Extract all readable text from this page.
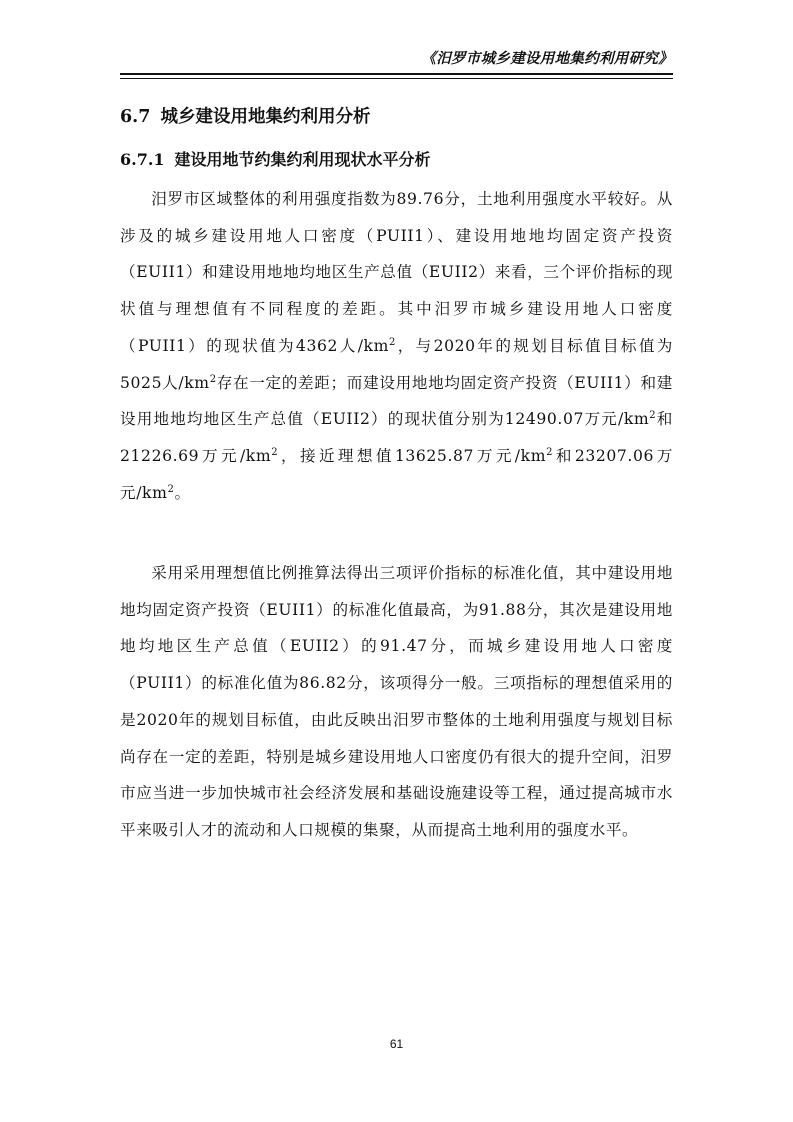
《汨罗市城乡建设用地集约利用研究》
6.7 城乡建设用地集约利用分析
6.7.1 建设用地节约集约利用现状水平分析

汨罗市区域整体的利用强度指数为89.76分，土地利用强度水平较好。从涉及的城乡建设用地人口密度（PUII1）、建设用地地均固定资产投资（EUII1）和建设用地地均地区生产总值（EUII2）来看，三个评价指标的现状值与理想值有不同程度的差距。其中汨罗市城乡建设用地人口密度（PUII1）的现状值为4362人$/km^2$，与2020年的规划目标值目标值为5025人$/km^2$存在一定的差距；而建设用地地均固定资产投资（EUII1）和建设用地地均地区生产总值（EUII2）的现状值分别为12490.07万元$/km^2$和21226.69万元$/km^2$，接近理想值13625.87万元$/km^2$和23207.06万元$/km^2$。

采用采用理想值比例推算法得出三项评价指标的标准化值，其中建设用地地均固定资产投资（EUII1）的标准化值最高，为91.88分，其次是建设用地地均地区生产总值（EUII2）的91.47分，而城乡建设用地人口密度（PUII1）的标准化值为86.82分，该项得分一般。三项指标的理想值采用的是2020年的规划目标值，由此反映出汨罗市整体的土地利用强度与规划目标尚存在一定的差距，特别是城乡建设用地人口密度仍有很大的提升空间，汨罗市应当进一步加快城市社会经济发展和基础设施建设等工程，通过提高城市水平来吸引人才的流动和人口规模的集聚，从而提高土地利用的强度水平。

61
